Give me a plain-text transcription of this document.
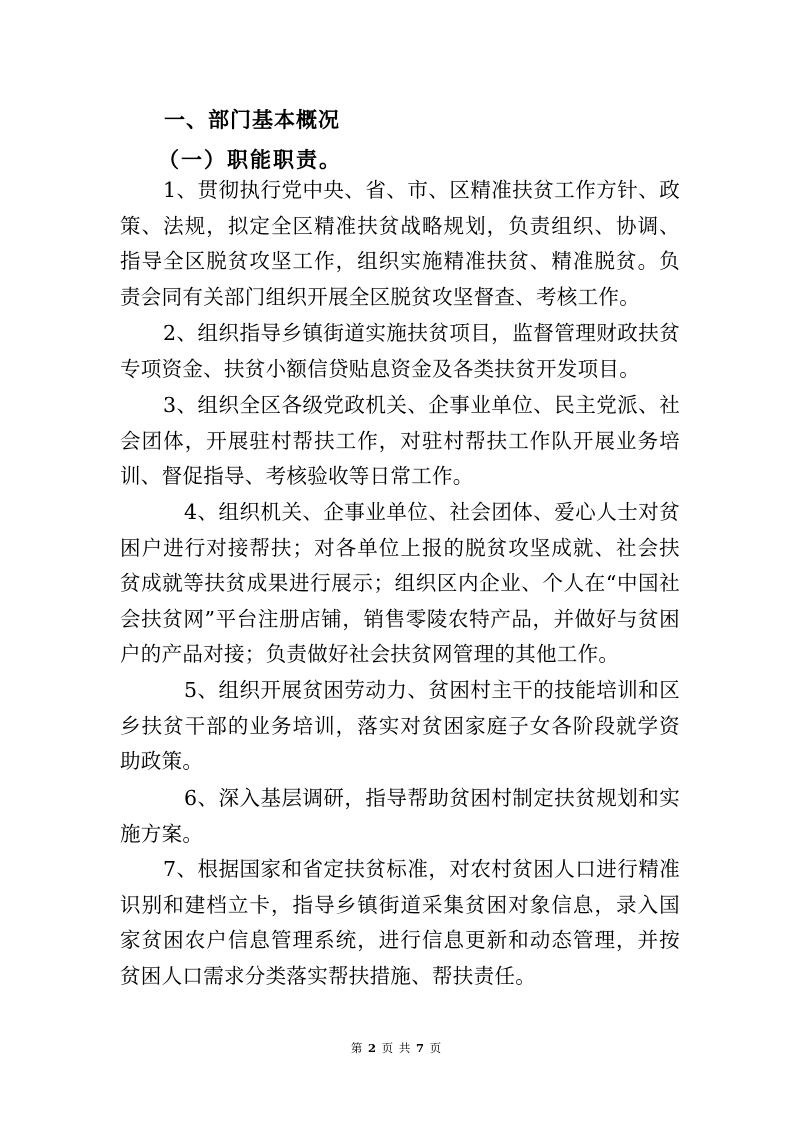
一、部门基本概况
（一）职能职责。
1、贯彻执行党中央、省、市、区精准扶贫工作方针、政策、法规，拟定全区精准扶贫战略规划，负责组织、协调、指导全区脱贫攻坚工作，组织实施精准扶贫、精准脱贫。负责会同有关部门组织开展全区脱贫攻坚督查、考核工作。
2、组织指导乡镇街道实施扶贫项目，监督管理财政扶贫专项资金、扶贫小额信贷贴息资金及各类扶贫开发项目。
3、组织全区各级党政机关、企事业单位、民主党派、社会团体，开展驻村帮扶工作，对驻村帮扶工作队开展业务培训、督促指导、考核验收等日常工作。
4、组织机关、企事业单位、社会团体、爱心人士对贫困户进行对接帮扶；对各单位上报的脱贫攻坚成就、社会扶贫成就等扶贫成果进行展示；组织区内企业、个人在“中国社会扶贫网”平台注册店铺，销售零陵农特产品，并做好与贫困户的产品对接；负责做好社会扶贫网管理的其他工作。
5、组织开展贫困劳动力、贫困村主干的技能培训和区乡扶贫干部的业务培训，落实对贫困家庭子女各阶段就学资助政策。
6、深入基层调研，指导帮助贫困村制定扶贫规划和实施方案。
7、根据国家和省定扶贫标准，对农村贫困人口进行精准识别和建档立卡，指导乡镇街道采集贫困对象信息，录入国家贫困农户信息管理系统，进行信息更新和动态管理，并按贫困人口需求分类落实帮扶措施、帮扶责任。
第 2 页 共 7 页
